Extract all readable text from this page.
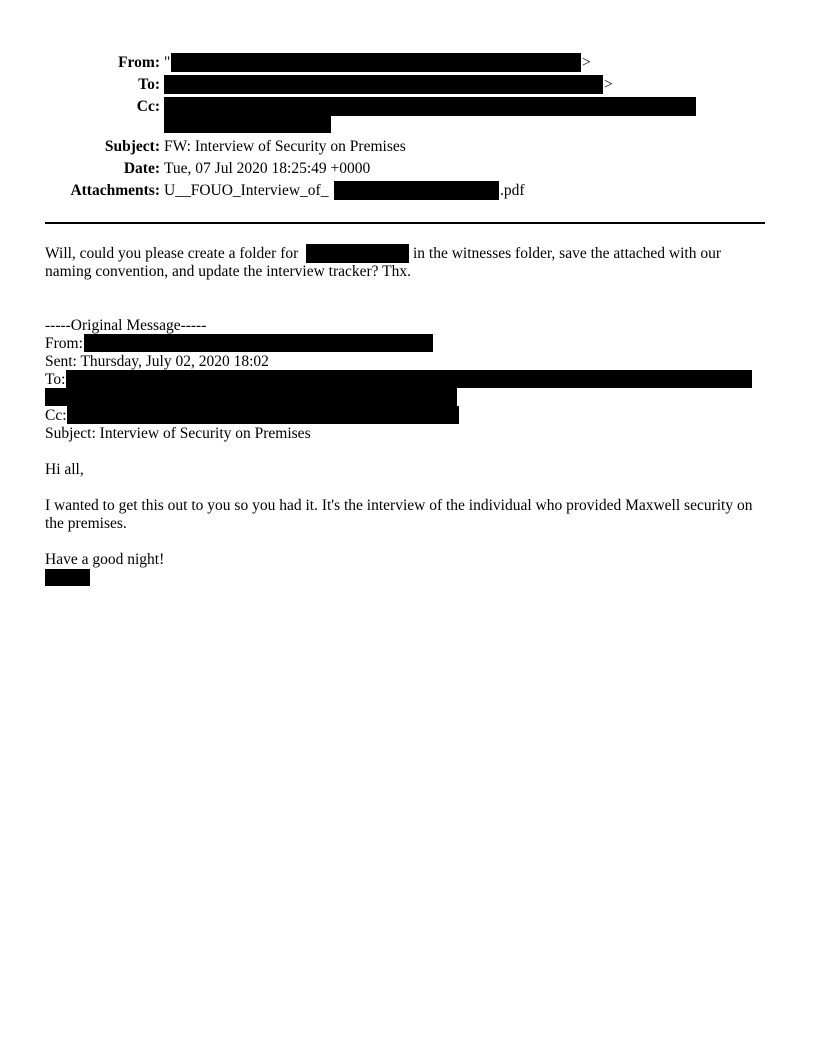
From: "	>
To:	>
Cc:
Subject: FW: Interview of Security on Premises
Date: Tue, 07 Jul 2020 18:25:49 +0000
Attachments: U__FOUO_Interview_of_	.pdf
Will, could you please create a folder for	in the witnesses folder, save the attached with our
naming convention, and update the interview tracker? Thx.
-----Original Message-----
From:
Sent: Thursday, July 02, 2020 18:02
To:
Cc:
Subject: Interview of Security on Premises
Hi all,
I wanted to get this out to you so you had it. It's the interview of the individual who provided Maxwell security on the premises.
Have a good night!
